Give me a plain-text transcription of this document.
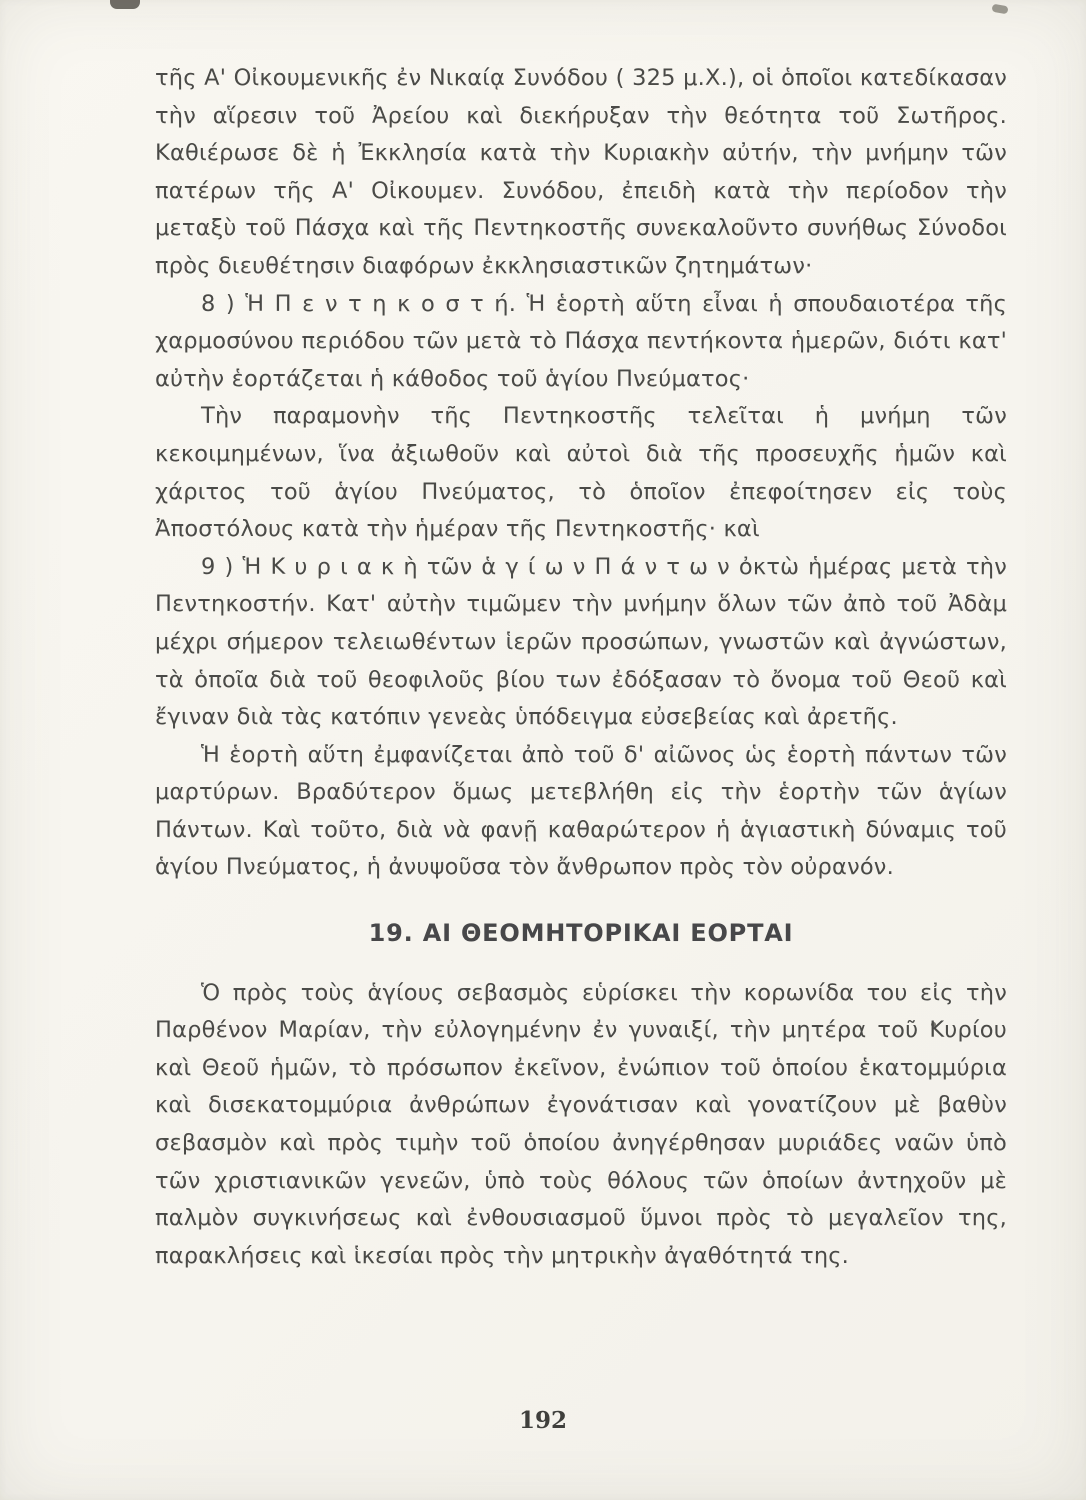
τῆς Α' Οἰκουμενικῆς ἐν Νικαίᾳ Συνόδου ( 325 μ.Χ.), οἱ ὁποῖοι κατεδίκασαν τὴν αἵρεσιν τοῦ Ἀρείου καὶ διεκήρυξαν τὴν θεότητα τοῦ Σωτῆρος. Καθιέρωσε δὲ ἡ Ἐκκλησία κατὰ τὴν Κυριακὴν αὐτήν, τὴν μνήμην τῶν πατέρων τῆς Α' Οἰκουμεν. Συνόδου, ἐπειδὴ κατὰ τὴν περίοδον τὴν μεταξὺ τοῦ Πάσχα καὶ τῆς Πεντηκοστῆς συνεκαλοῦντο συνήθως Σύνοδοι πρὸς διευθέτησιν διαφόρων ἐκκλησιαστικῶν ζητημάτων·

8 ) Ἡ Π ε ν τ η κ ο σ τ ή. Ἡ ἑορτὴ αὕτη εἶναι ἡ σπουδαιοτέρα τῆς χαρμοσύνου περιόδου τῶν μετὰ τὸ Πάσχα πεντήκοντα ἡμερῶν, διότι κατ' αὐτὴν ἑορτάζεται ἡ κάθοδος τοῦ ἁγίου Πνεύματος·

Τὴν παραμονὴν τῆς Πεντηκοστῆς τελεῖται ἡ μνήμη τῶν κεκοιμημένων, ἵνα ἀξιωθοῦν καὶ αὐτοὶ διὰ τῆς προσευχῆς ἡμῶν καὶ χάριτος τοῦ ἁγίου Πνεύματος, τὸ ὁποῖον ἐπεφοίτησεν εἰς τοὺς Ἀποστόλους κατὰ τὴν ἡμέραν τῆς Πεντηκοστῆς· καὶ

9 ) Ἡ Κ υ ρ ι α κ ὴ τῶν ἁ γ ί ω ν Π ά ν τ ω ν ὀκτὼ ἡμέρας μετὰ τὴν Πεντηκοστήν. Κατ' αὐτὴν τιμῶμεν τὴν μνήμην ὅλων τῶν ἀπὸ τοῦ Ἀδὰμ μέχρι σήμερον τελειωθέντων ἱερῶν προσώπων, γνωστῶν καὶ ἀγνώστων, τὰ ὁποῖα διὰ τοῦ θεοφιλοῦς βίου των ἐδόξασαν τὸ ὄνομα τοῦ Θεοῦ καὶ ἔγιναν διὰ τὰς κατόπιν γενεὰς ὑπόδειγμα εὐσεβείας καὶ ἀρετῆς.

Ἡ ἑορτὴ αὕτη ἐμφανίζεται ἀπὸ τοῦ δ' αἰῶνος ὡς ἑορτὴ πάντων τῶν μαρτύρων. Βραδύτερον ὅμως μετεβλήθη εἰς τὴν ἑορτὴν τῶν ἁγίων Πάντων. Καὶ τοῦτο, διὰ νὰ φανῇ καθαρώτερον ἡ ἁγιαστικὴ δύναμις τοῦ ἁγίου Πνεύματος, ἡ ἀνυψοῦσα τὸν ἄνθρωπον πρὸς τὸν οὐρανόν.

19. ΑΙ ΘΕΟΜΗΤΟΡΙΚΑΙ ΕΟΡΤΑΙ

Ὁ πρὸς τοὺς ἁγίους σεβασμὸς εὑρίσκει τὴν κορωνίδα του εἰς τὴν Παρθένον Μαρίαν, τὴν εὐλογημένην ἐν γυναιξί, τὴν μητέρα τοῦ Κυρίου καὶ Θεοῦ ἡμῶν, τὸ πρόσωπον ἐκεῖνον, ἐνώπιον τοῦ ὁποίου ἑκατομμύρια καὶ δισεκατομμύρια ἀνθρώπων ἐγονάτισαν καὶ γονατίζουν μὲ βαθὺν σεβασμὸν καὶ πρὸς τιμὴν τοῦ ὁποίου ἀνηγέρθησαν μυριάδες ναῶν ὑπὸ τῶν χριστιανικῶν γενεῶν, ὑπὸ τοὺς θόλους τῶν ὁποίων ἀντηχοῦν μὲ παλμὸν συγκινήσεως καὶ ἐνθουσιασμοῦ ὕμνοι πρὸς τὸ μεγαλεῖον της, παρακλήσεις καὶ ἱκεσίαι πρὸς τὴν μητρικὴν ἀγαθότητά της.

192
